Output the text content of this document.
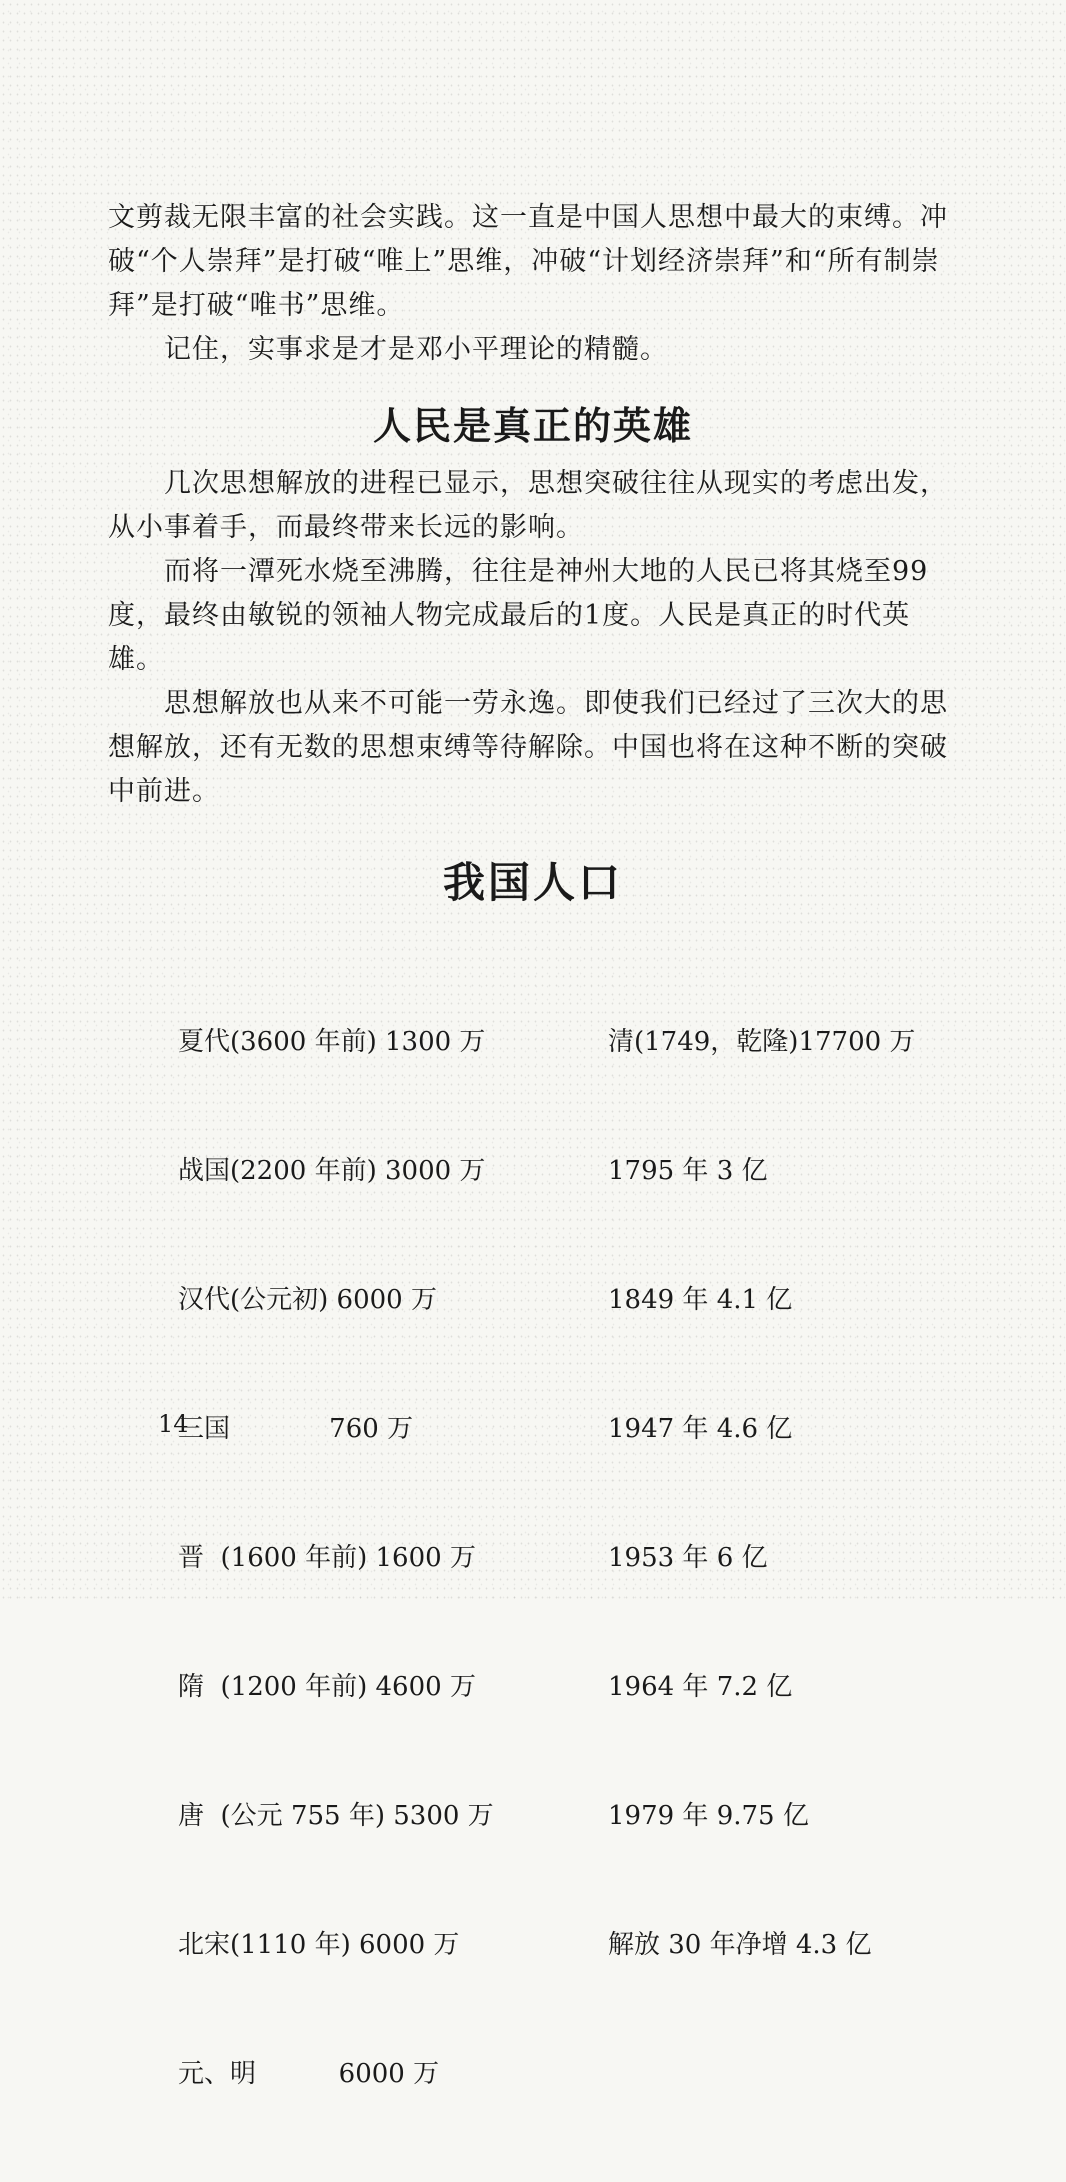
文剪裁无限丰富的社会实践。这一直是中国人思想中最大的束缚。冲破“个人崇拜”是打破“唯上”思维，冲破“计划经济崇拜”和“所有制崇拜”是打破“唯书”思维。

记住，实事求是才是邓小平理论的精髓。

人民是真正的英雄

几次思想解放的进程已显示，思想突破往往从现实的考虑出发，从小事着手，而最终带来长远的影响。

而将一潭死水烧至沸腾，往往是神州大地的人民已将其烧至99度，最终由敏锐的领袖人物完成最后的1度。人民是真正的时代英雄。

思想解放也从来不可能一劳永逸。即使我们已经过了三次大的思想解放，还有无数的思想束缚等待解除。中国也将在这种不断的突破中前进。

我国人口

夏代(3600 年前) 1300 万

战国(2200 年前) 3000 万

汉代(公元初) 6000 万

三国            760 万

晋  (1600 年前) 1600 万

隋  (1200 年前) 4600 万

唐  (公元 755 年) 5300 万

北宋(1110 年) 6000 万

元、明          6000 万

清(1749，乾隆)17700 万

1795 年 3 亿

1849 年 4.1 亿

1947 年 4.6 亿

1953 年 6 亿

1964 年 7.2 亿

1979 年 9.75 亿

解放 30 年净增 4.3 亿

14
